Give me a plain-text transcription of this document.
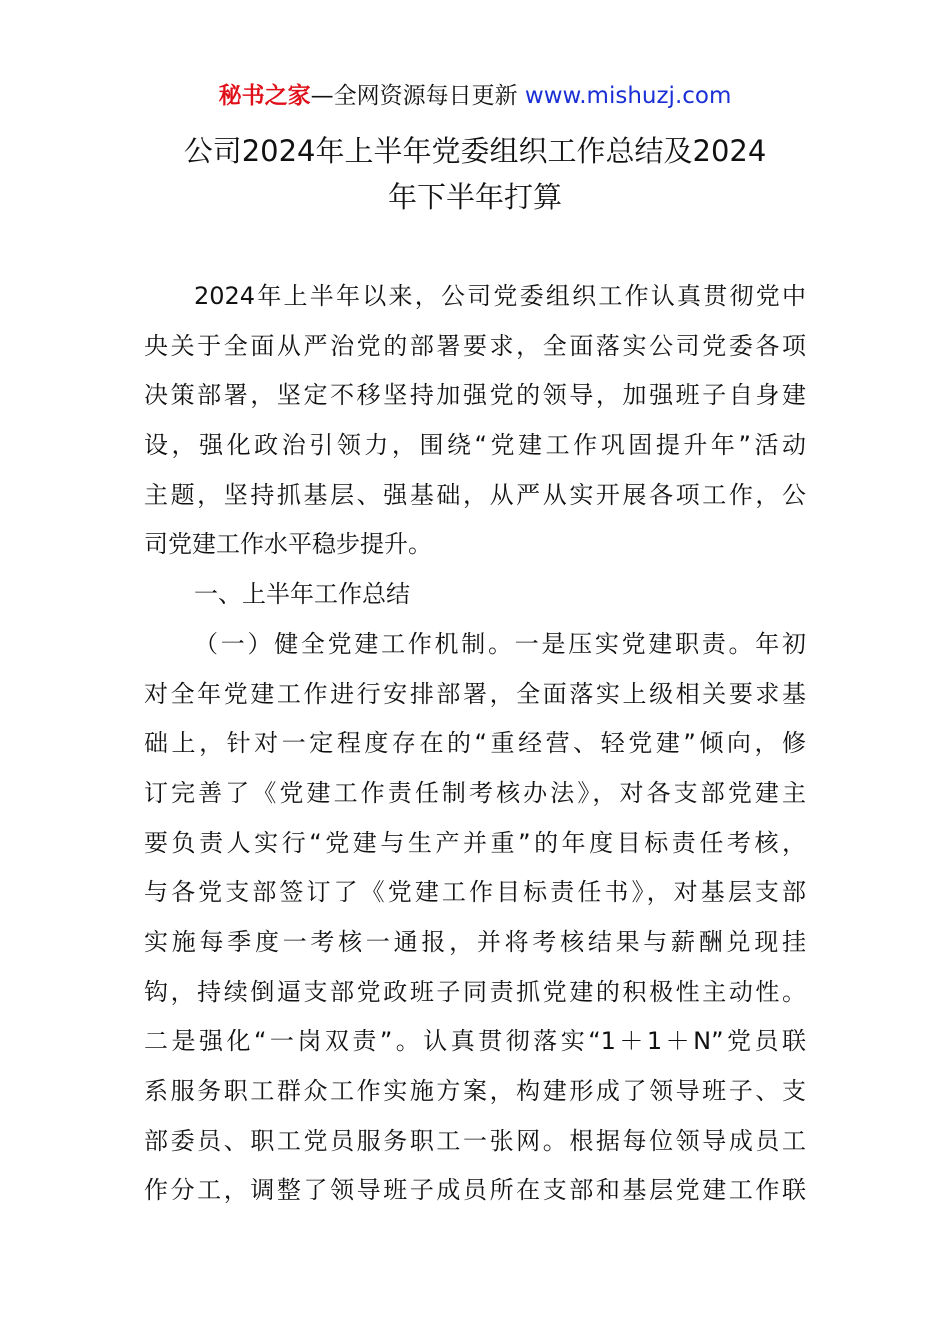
秘书之家—全网资源每日更新 www.mishuzj.com
公司2024年上半年党委组织工作总结及2024
年下半年打算
2024年上半年以来，公司党委组织工作认真贯彻党中
央关于全面从严治党的部署要求，全面落实公司党委各项
决策部署，坚定不移坚持加强党的领导，加强班子自身建
设，强化政治引领力，围绕“党建工作巩固提升年”活动
主题，坚持抓基层、强基础，从严从实开展各项工作，公
司党建工作水平稳步提升。
一、上半年工作总结
（一）健全党建工作机制。一是压实党建职责。年初
对全年党建工作进行安排部署，全面落实上级相关要求基
础上，针对一定程度存在的“重经营、轻党建”倾向，修
订完善了《党建工作责任制考核办法》，对各支部党建主
要负责人实行“党建与生产并重”的年度目标责任考核，
与各党支部签订了《党建工作目标责任书》，对基层支部
实施每季度一考核一通报，并将考核结果与薪酬兑现挂
钩，持续倒逼支部党政班子同责抓党建的积极性主动性。
二是强化“一岗双责”。认真贯彻落实“1＋1＋N”党员联
系服务职工群众工作实施方案，构建形成了领导班子、支
部委员、职工党员服务职工一张网。根据每位领导成员工
作分工，调整了领导班子成员所在支部和基层党建工作联
